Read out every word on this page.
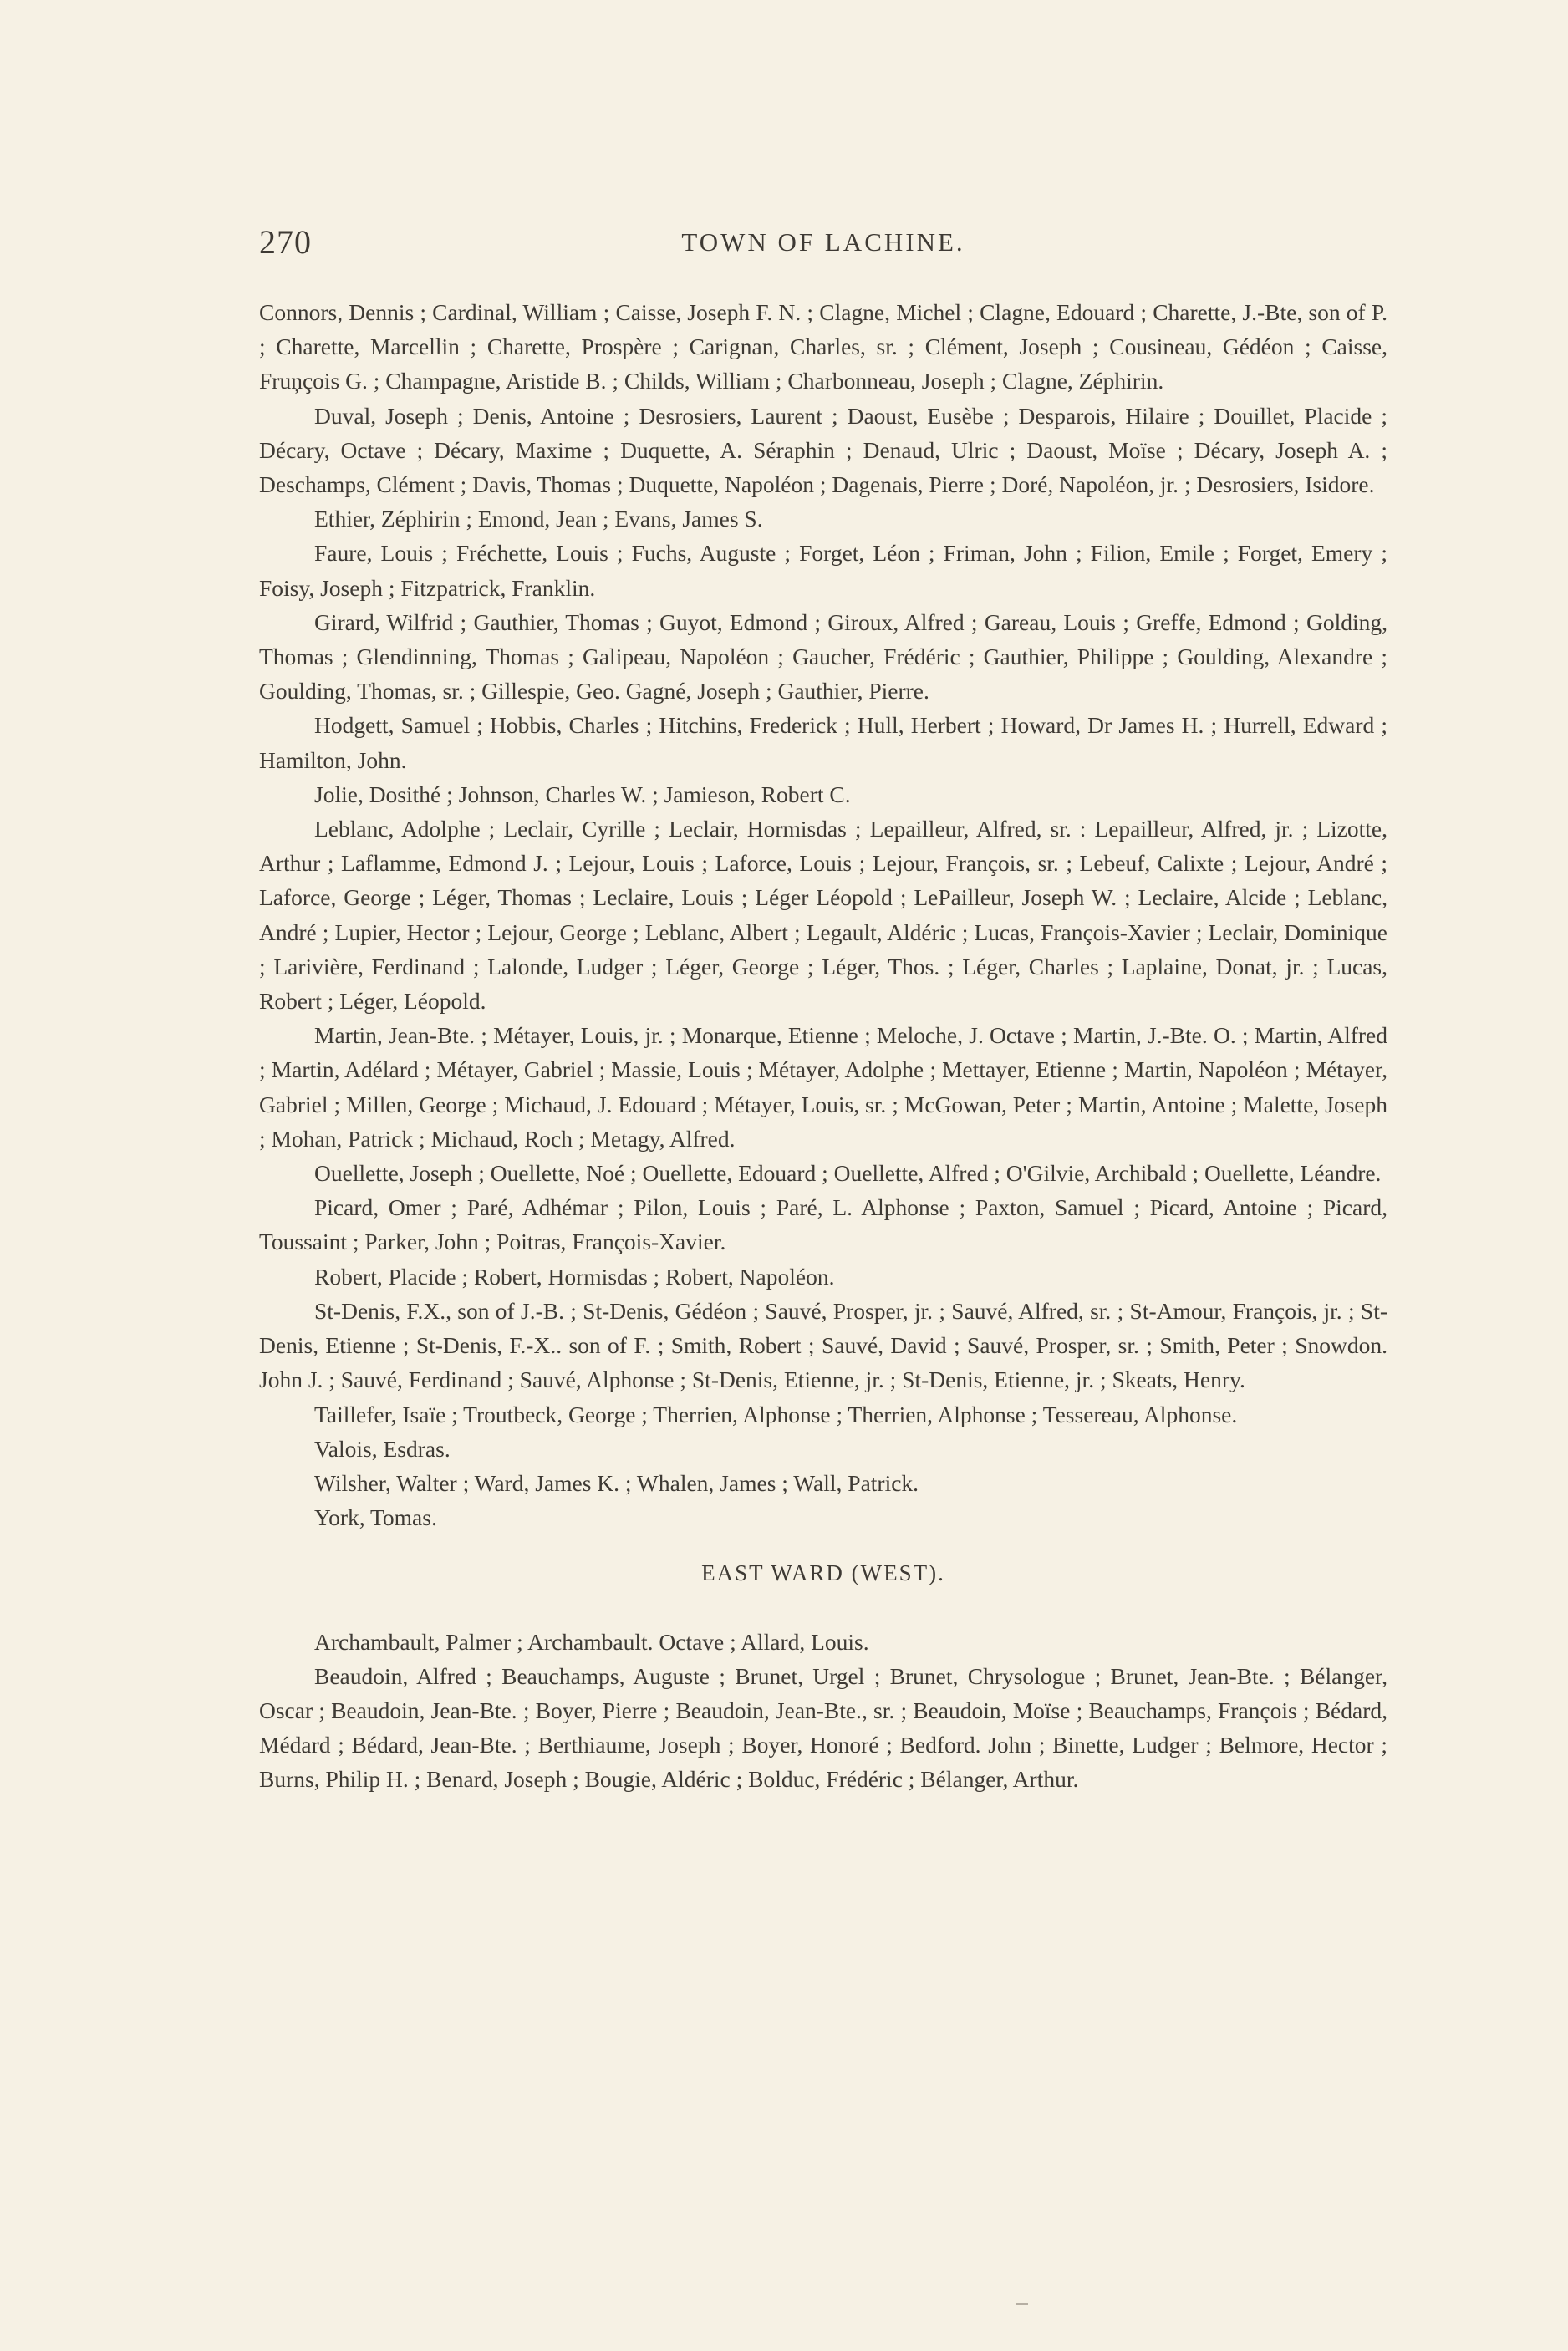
270	TOWN OF LACHINE.

Connors, Dennis ; Cardinal, William ; Caisse, Joseph F. N. ; Clagne, Michel ; Clagne, Edouard ; Charette, J.-Bte, son of P. ; Charette, Marcellin ; Charette, Prospère ; Carignan, Charles, sr. ; Clément, Joseph ; Cousineau, Gédéon ; Caisse, Fruņçois G. ; Champagne, Aristide B. ; Childs, William ; Charbonneau, Joseph ; Clagne, Zéphirin.

Duval, Joseph ; Denis, Antoine ; Desrosiers, Laurent ; Daoust, Eusèbe ; Desparois, Hilaire ; Douillet, Placide ; Décary, Octave ; Décary, Maxime ; Duquette, A. Séraphin ; Denaud, Ulric ; Daoust, Moïse ; Décary, Joseph A. ; Deschamps, Clément ; Davis, Thomas ; Duquette, Napoléon ; Dagenais, Pierre ; Doré, Napoléon, jr. ; Desrosiers, Isidore.

Ethier, Zéphirin ; Emond, Jean ; Evans, James S.

Faure, Louis ; Fréchette, Louis ; Fuchs, Auguste ; Forget, Léon ; Friman, John ; Filion, Emile ; Forget, Emery ; Foisy, Joseph ; Fitzpatrick, Franklin.

Girard, Wilfrid ; Gauthier, Thomas ; Guyot, Edmond ; Giroux, Alfred ; Gareau, Louis ; Greffe, Edmond ; Golding, Thomas ; Glendinning, Thomas ; Galipeau, Napoléon ; Gaucher, Frédéric ; Gauthier, Philippe ; Goulding, Alexandre ; Goulding, Thomas, sr. ; Gillespie, Geo. Gagné, Joseph ; Gauthier, Pierre.

Hodgett, Samuel ; Hobbis, Charles ; Hitchins, Frederick ; Hull, Herbert ; Howard, Dr James H. ; Hurrell, Edward ; Hamilton, John.

Jolie, Dosithé ; Johnson, Charles W. ; Jamieson, Robert C.

Leblanc, Adolphe ; Leclair, Cyrille ; Leclair, Hormisdas ; Lepailleur, Alfred, sr. : Lepailleur, Alfred, jr. ; Lizotte, Arthur ; Laflamme, Edmond J. ; Lejour, Louis ; Laforce, Louis ; Lejour, François, sr. ; Lebeuf, Calixte ; Lejour, André ; Laforce, George ; Léger, Thomas ; Leclaire, Louis ; Léger Léopold ; LePailleur, Joseph W. ; Leclaire, Alcide ; Leblanc, André ; Lupier, Hector ; Lejour, George ; Leblanc, Albert ; Legault, Aldéric ; Lucas, François-Xavier ; Leclair, Dominique ; Larivière, Ferdinand ; Lalonde, Ludger ; Léger, George ; Léger, Thos. ; Léger, Charles ; Laplaine, Donat, jr. ; Lucas, Robert ; Léger, Léopold.

Martin, Jean-Bte. ; Métayer, Louis, jr. ; Monarque, Etienne ; Meloche, J. Octave ; Martin, J.-Bte. O. ; Martin, Alfred ; Martin, Adélard ; Métayer, Gabriel ; Massie, Louis ; Métayer, Adolphe ; Mettayer, Etienne ; Martin, Napoléon ; Métayer, Gabriel ; Millen, George ; Michaud, J. Edouard ; Métayer, Louis, sr. ; McGowan, Peter ; Martin, Antoine ; Malette, Joseph ; Mohan, Patrick ; Michaud, Roch ; Metagy, Alfred.

Ouellette, Joseph ; Ouellette, Noé ; Ouellette, Edouard ; Ouellette, Alfred ; O'Gilvie, Archibald ; Ouellette, Léandre.

Picard, Omer ; Paré, Adhémar ; Pilon, Louis ; Paré, L. Alphonse ; Paxton, Samuel ; Picard, Antoine ; Picard, Toussaint ; Parker, John ; Poitras, François-Xavier.

Robert, Placide ; Robert, Hormisdas ; Robert, Napoléon.

St-Denis, F.X., son of J.-B. ; St-Denis, Gédéon ; Sauvé, Prosper, jr. ; Sauvé, Alfred, sr. ; St-Amour, François, jr. ; St-Denis, Etienne ; St-Denis, F.-X.. son of F. ; Smith, Robert ; Sauvé, David ; Sauvé, Prosper, sr. ; Smith, Peter ; Snowdon. John J. ; Sauvé, Ferdinand ; Sauvé, Alphonse ; St-Denis, Etienne, jr. ; St-Denis, Etienne, jr. ; Skeats, Henry.

Taillefer, Isaïe ; Troutbeck, George ; Therrien, Alphonse ; Therrien, Alphonse ; Tessereau, Alphonse.

Valois, Esdras.

Wilsher, Walter ; Ward, James K. ; Whalen, James ; Wall, Patrick.

York, Tomas.

EAST WARD (WEST).

Archambault, Palmer ; Archambault. Octave ; Allard, Louis.

Beaudoin, Alfred ; Beauchamps, Auguste ; Brunet, Urgel ; Brunet, Chrysologue ; Brunet, Jean-Bte. ; Bélanger, Oscar ; Beaudoin, Jean-Bte. ; Boyer, Pierre ; Beaudoin, Jean-Bte., sr. ; Beaudoin, Moïse ; Beauchamps, François ; Bédard, Médard ; Bédard, Jean-Bte. ; Berthiaume, Joseph ; Boyer, Honoré ; Bedford. John ; Binette, Ludger ; Belmore, Hector ; Burns, Philip H. ; Benard, Joseph ; Bougie, Aldéric ; Bolduc, Frédéric ; Bélanger, Arthur.
